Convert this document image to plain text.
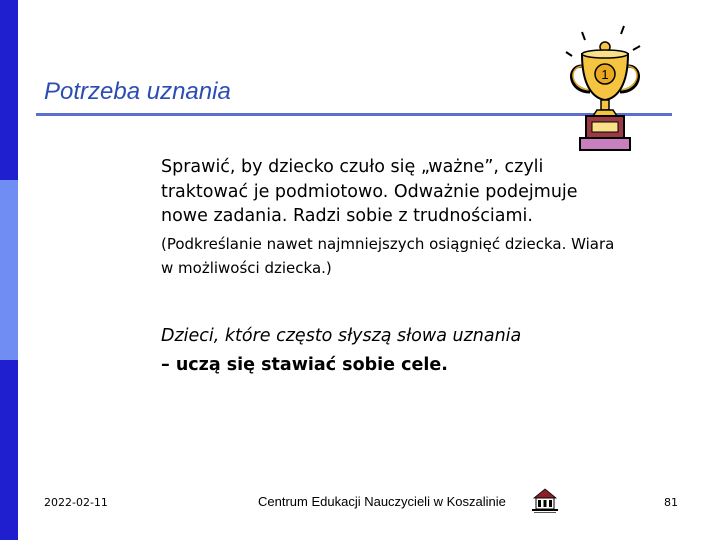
Potrzeba uznania
1

Sprawić, by dziecko czuło się „ważne”, czyli traktować je podmiotowo. Odważnie podejmuje nowe zadania. Radzi sobie z trudnościami.

(Podkreślanie nawet najmniejszych osiągnięć dziecka. Wiara w możliwości dziecka.)

Dzieci, które często słyszą słowa uznania
– uczą się stawiać sobie cele.

2022-02-11	Centrum Edukacji Nauczycieli w Koszalinie	81
